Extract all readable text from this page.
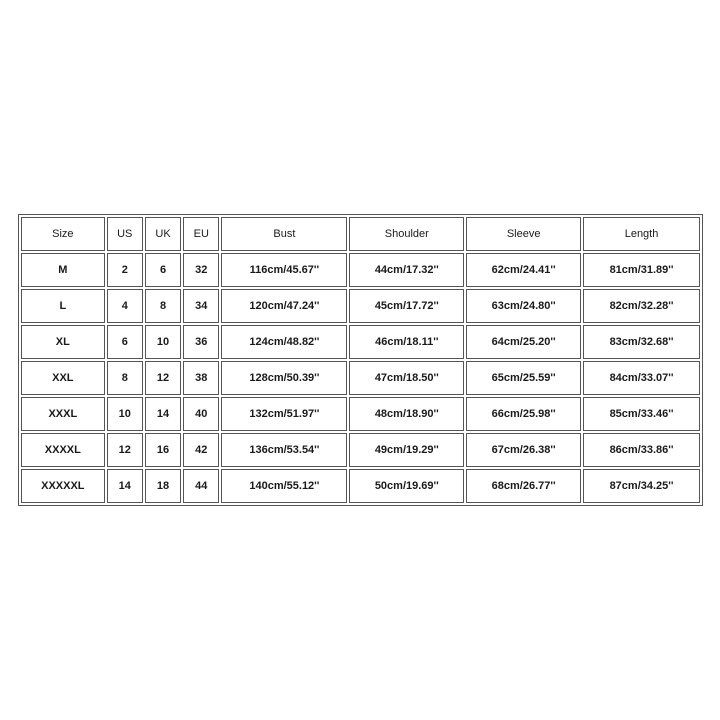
Size	US	UK	EU	Bust	Shoulder	Sleeve	Length
M	2	6	32	116cm/45.67''	44cm/17.32''	62cm/24.41''	81cm/31.89''
L	4	8	34	120cm/47.24''	45cm/17.72''	63cm/24.80''	82cm/32.28''
XL	6	10	36	124cm/48.82''	46cm/18.11''	64cm/25.20''	83cm/32.68''
XXL	8	12	38	128cm/50.39''	47cm/18.50''	65cm/25.59''	84cm/33.07''
XXXL	10	14	40	132cm/51.97''	48cm/18.90''	66cm/25.98''	85cm/33.46''
XXXXL	12	16	42	136cm/53.54''	49cm/19.29''	67cm/26.38''	86cm/33.86''
XXXXXL	14	18	44	140cm/55.12''	50cm/19.69''	68cm/26.77''	87cm/34.25''
